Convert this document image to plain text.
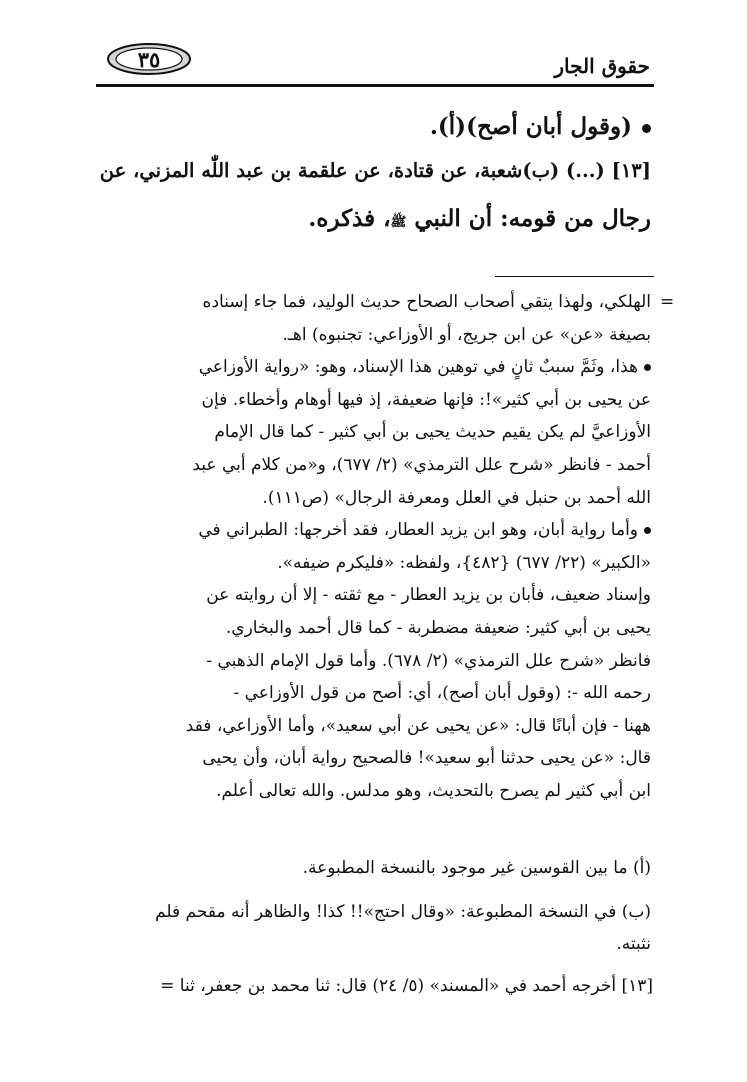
٣٥	حقوق الجار
(وقول أبان أصح)(أ).
[١٣] (...) (ب)شعبة، عن قتادة، عن علقمة بن عبد اللّٰه المزني، عن
رجال من قومه: أن النبي ﷺ، فذكره.
=
الهلكي، ولهذا يتقي أصحاب الصحاح حديث الوليد، فما جاء إسناده
بصيغة «عن» عن ابن جريج، أو الأوزاعي: تجنبوه) اهـ.
هذا، وثَمَّ سببٌ ثانٍ في توهين هذا الإسناد، وهو: «رواية الأوزاعي
عن يحيى بن أبي كثير»!: فإنها ضعيفة، إذ فيها أوهام وأخطاء. فإن
الأوزاعيَّ لم يكن يقيم حديث يحيى بن أبي كثير - كما قال الإمام
أحمد - فانظر «شرح علل الترمذي» (٢/ ٦٧٧)، و«من كلام أبي عبد
الله أحمد بن حنبل في العلل ومعرفة الرجال» (ص١١١).
وأما رواية أبان، وهو ابن يزيد العطار، فقد أخرجها: الطبراني في
«الكبير» (٢٢/ ٦٧٧) {٤٨٢}، ولفظه: «فليكرم ضيفه».
وإسناد ضعيف، فأبان بن يزيد العطار - مع ثقته - إلا أن روايته عن
يحيى بن أبي كثير: ضعيفة مضطربة - كما قال أحمد والبخاري.
فانظر «شرح علل الترمذي» (٢/ ٦٧٨). وأما قول الإمام الذهبي -
رحمه الله -: (وقول أبان أصح)، أي: أصح من قول الأوزاعي -
ههنا - فإن أبانًا قال: «عن يحيى عن أبي سعيد»، وأما الأوزاعي، فقد
قال: «عن يحيى حدثنا أبو سعيد»! فالصحيح رواية أبان، وأن يحيى
ابن أبي كثير لم يصرح بالتحديث، وهو مدلس. والله تعالى أعلم.
(أ) ما بين القوسين غير موجود بالنسخة المطبوعة.
(ب) في النسخة المطبوعة: «وقال احتج»!! كذا! والظاهر أنه مقحم فلم
نثبته.
[١٣] أخرجه أحمد في «المسند» (٥/ ٢٤) قال: ثنا محمد بن جعفر، ثنا =
